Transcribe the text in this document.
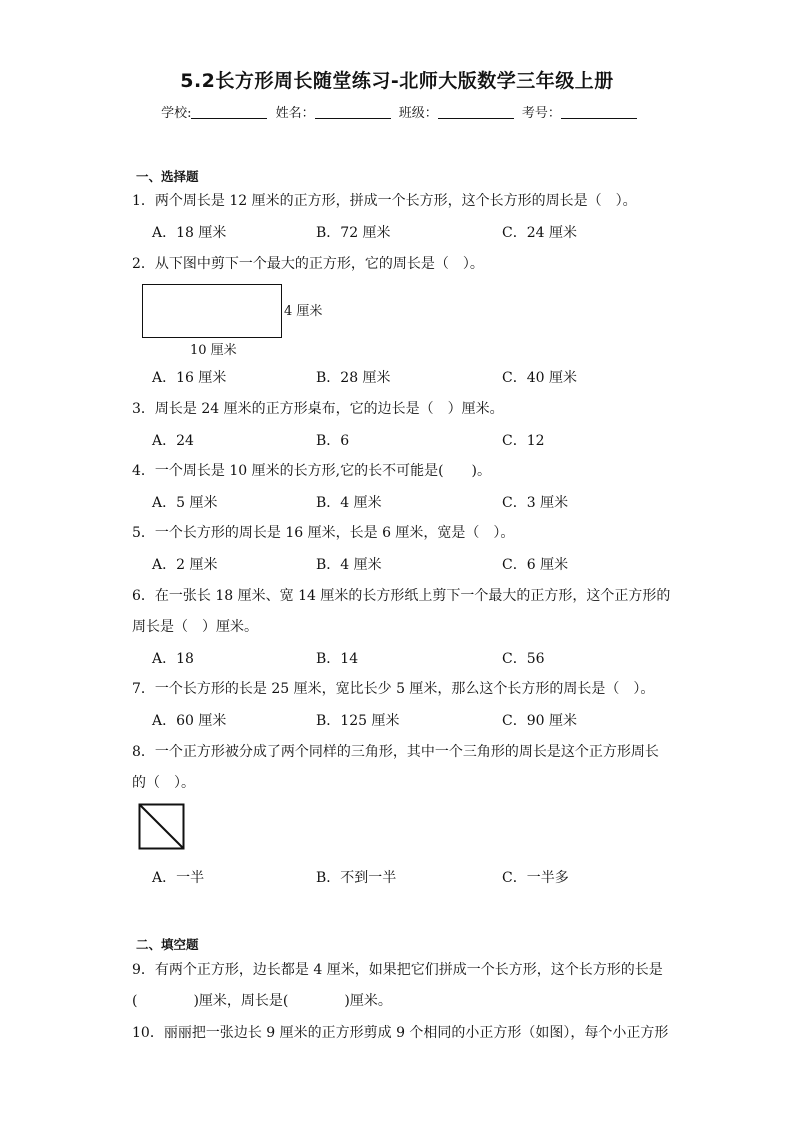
5.2长方形周长随堂练习-北师大版数学三年级上册
学校:	姓名：	班级：	考号：
一、选择题
1．两个周长是 12 厘米的正方形，拼成一个长方形，这个长方形的周长是（　）。
A．18 厘米	B．72 厘米	C．24 厘米
2．从下图中剪下一个最大的正方形，它的周长是（　）。
4 厘米
10 厘米
A．16 厘米	B．28 厘米	C．40 厘米
3．周长是 24 厘米的正方形桌布，它的边长是（　）厘米。
A．24	B．6	C．12
4．一个周长是 10 厘米的长方形,它的长不可能是(　　)。
A．5 厘米	B．4 厘米	C．3 厘米
5．一个长方形的周长是 16 厘米，长是 6 厘米，宽是（　）。
A．2 厘米	B．4 厘米	C．6 厘米
6．在一张长 18 厘米、宽 14 厘米的长方形纸上剪下一个最大的正方形，这个正方形的
周长是（　）厘米。
A．18	B．14	C．56
7．一个长方形的长是 25 厘米，宽比长少 5 厘米，那么这个长方形的周长是（　）。
A．60 厘米	B．125 厘米	C．90 厘米
8．一个正方形被分成了两个同样的三角形，其中一个三角形的周长是这个正方形周长
的（　）。
A．一半	B．不到一半	C．一半多
二、填空题
9．有两个正方形，边长都是 4 厘米，如果把它们拼成一个长方形，这个长方形的长是
(　　　　)厘米，周长是(　　　　)厘米。
10．丽丽把一张边长 9 厘米的正方形剪成 9 个相同的小正方形（如图），每个小正方形
